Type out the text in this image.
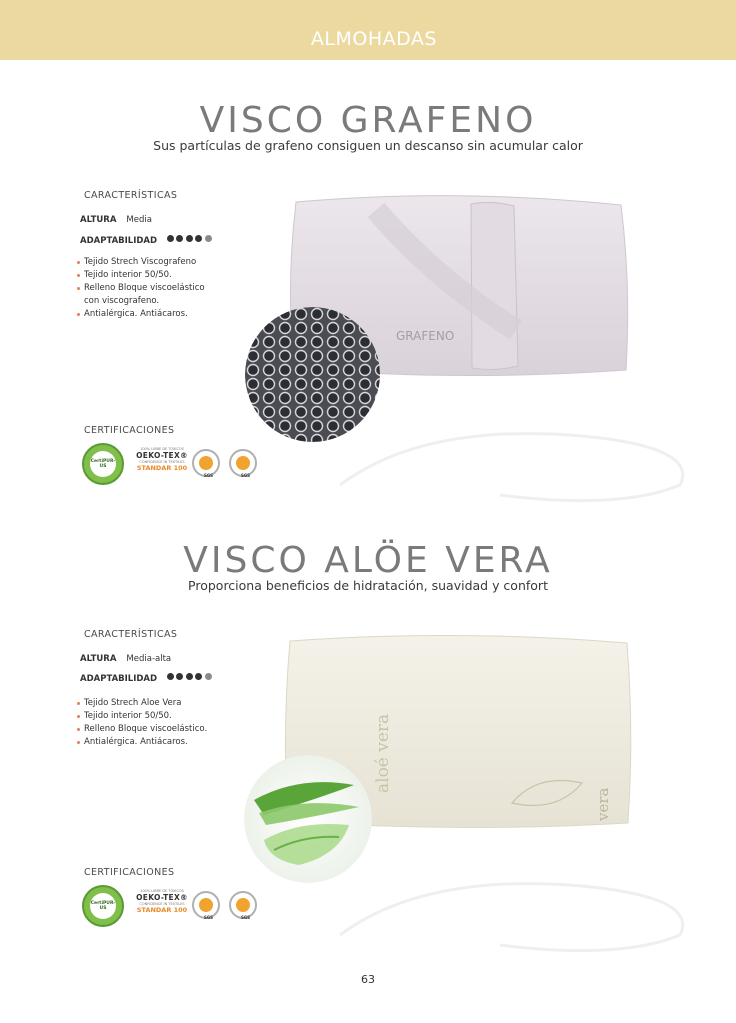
ALMOHADAS
VISCO GRAFENO
Sus partículas de grafeno consiguen un descanso sin acumular calor
CARACTERÍSTICAS
ALTURA Media
ADAPTABILIDAD
Tejido Strech Viscografeno
Tejido interior 50/50.
Relleno Bloque viscoelástico
con viscografeno.
Antialérgica. Antiácaros.
GRAFENO
CERTIFICACIONES
CertiPUR-US
100% LIBRE DE TÓXICOS
OEKO-TEX®
CONFIDENCE IN TEXTILES
STANDAR 100
SGS	SGS
VISCO ALÖE VERA
Proporciona beneficios de hidratación, suavidad y confort
CARACTERÍSTICAS
ALTURA Media-alta
ADAPTABILIDAD
Tejido Strech Aloe Vera
Tejido interior 50/50.
Relleno Bloque viscoelástico.
Antialérgica. Antiácaros.	aloé vera
vera
CERTIFICACIONES
CertiPUR-US
100% LIBRE DE TÓXICOS
OEKO-TEX®
CONFIDENCE IN TEXTILES
STANDAR 100
SGS	SGS
63
